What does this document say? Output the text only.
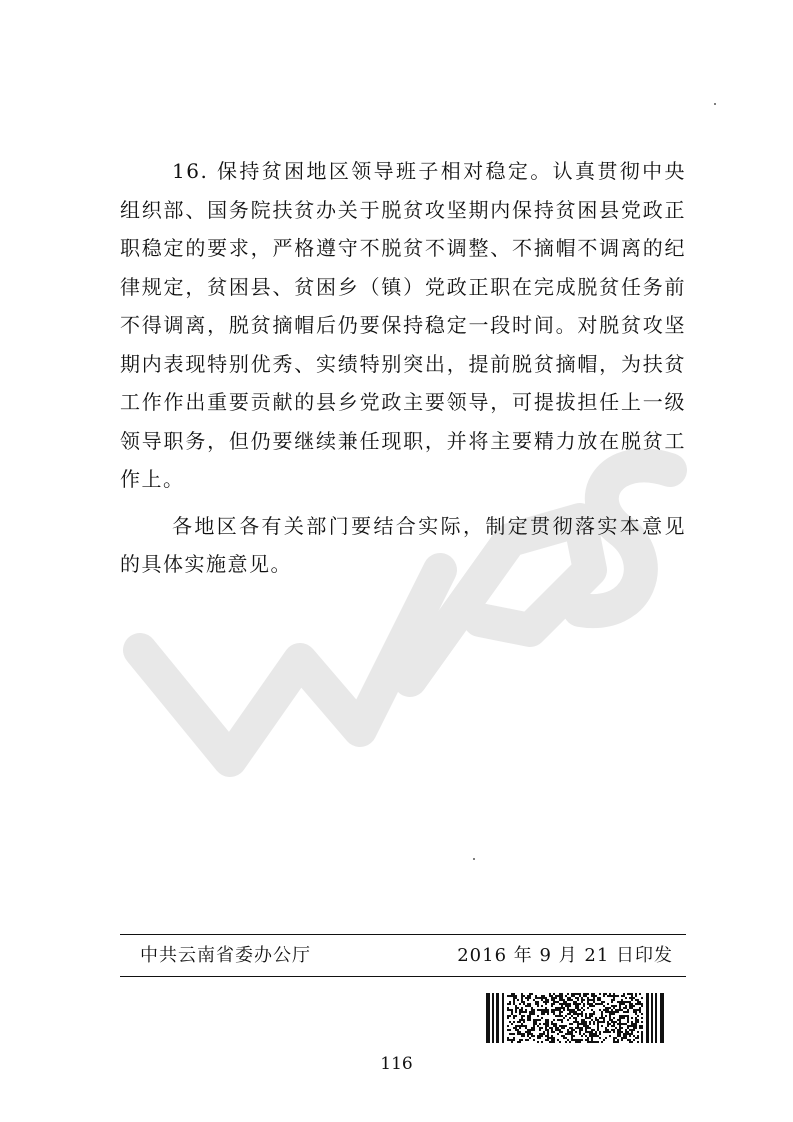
WPS

16. 保持贫困地区领导班子相对稳定。认真贯彻中央组织部、国务院扶贫办关于脱贫攻坚期内保持贫困县党政正职稳定的要求，严格遵守不脱贫不调整、不摘帽不调离的纪律规定，贫困县、贫困乡（镇）党政正职在完成脱贫任务前不得调离，脱贫摘帽后仍要保持稳定一段时间。对脱贫攻坚期内表现特别优秀、实绩特别突出，提前脱贫摘帽，为扶贫工作作出重要贡献的县乡党政主要领导，可提拔担任上一级领导职务，但仍要继续兼任现职，并将主要精力放在脱贫工作上。

各地区各有关部门要结合实际，制定贯彻落实本意见的具体实施意见。

中共云南省委办公厅	2016 年 9 月 21 日印发
116
